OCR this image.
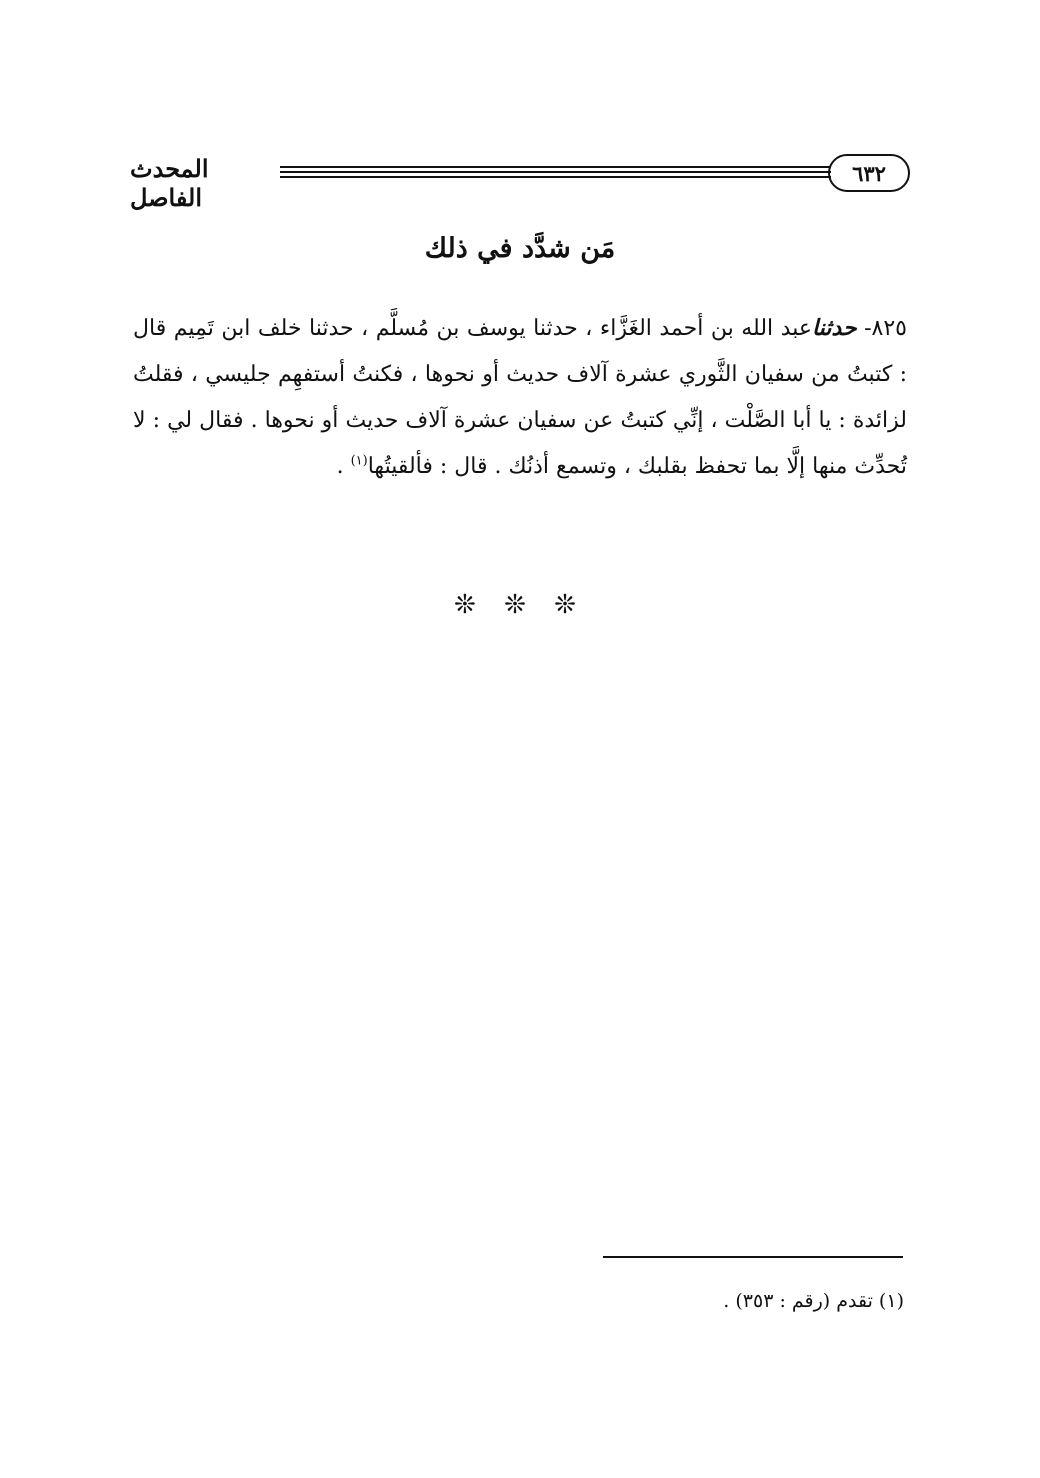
٦٣٢
المحدث الفاصل
مَن شدَّد في ذلك
٨٢٥- حدثناعبد الله بن أحمد الغَزَّاء ، حدثنا يوسف بن مُسلَّم ، حدثنا خلف ابن تَمِيم قال : كتبتُ من سفيان الثَّوري عشرة آلاف حديث أو نحوها ، فكنتُ أستفهِم جليسي ، فقلتُ لزائدة : يا أبا الصَّلْت ، إنِّي كتبتُ عن سفيان عشرة آلاف حديث أو نحوها . فقال لي : لا تُحدِّث منها إلَّا بما تحفظ بقلبك ، وتسمع أذنُك . قال : فألقيتُها$^{(١)}$ .
❊ ❊ ❊
(١) تقدم (رقم : ٣٥٣) .
